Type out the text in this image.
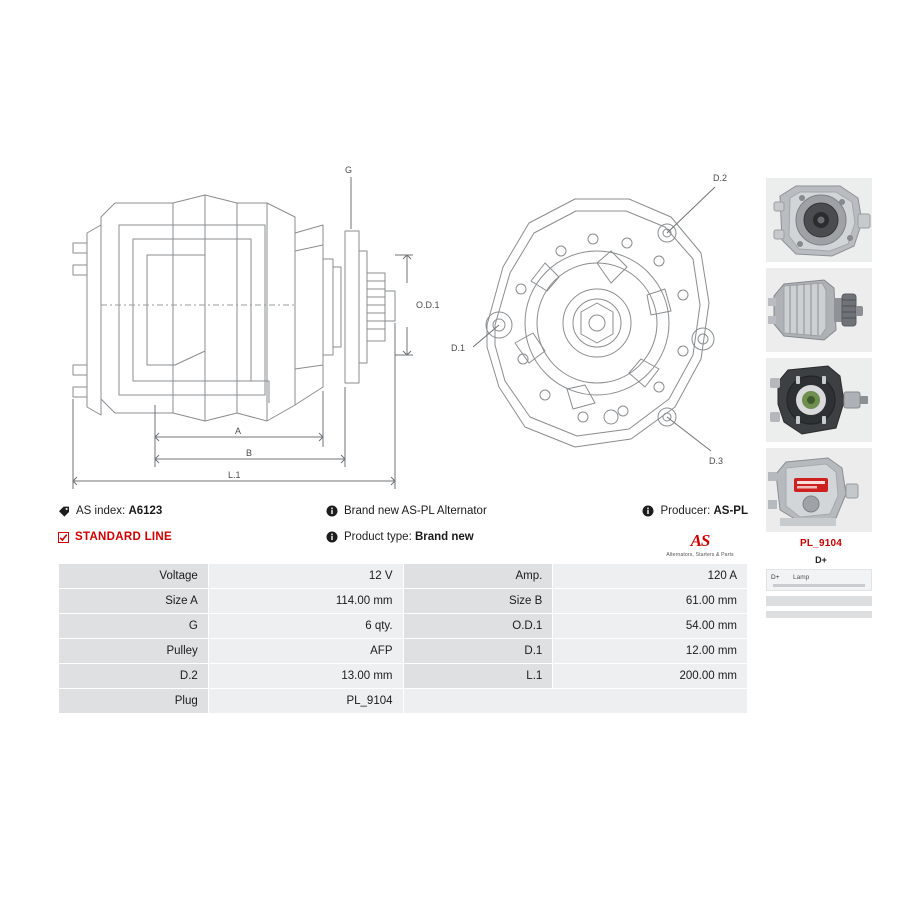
G
O.D.1
A
B
L.1
D.1
D.2
D.3
PL_9104
D+
D+ Lamp
AS index:
A6123	Brand new AS-PL Alternator	Producer:
AS-PL
STANDARD LINE	Product type:
Brand new	AS
Alternators, Starters & Parts
Voltage	12 V	Amp.	120 A
Size A	114.00 mm	Size B	61.00 mm
G	6 qty.	O.D.1	54.00 mm
Pulley	AFP	D.1	12.00 mm
D.2	13.00 mm	L.1	200.00 mm
Plug	PL_9104		
